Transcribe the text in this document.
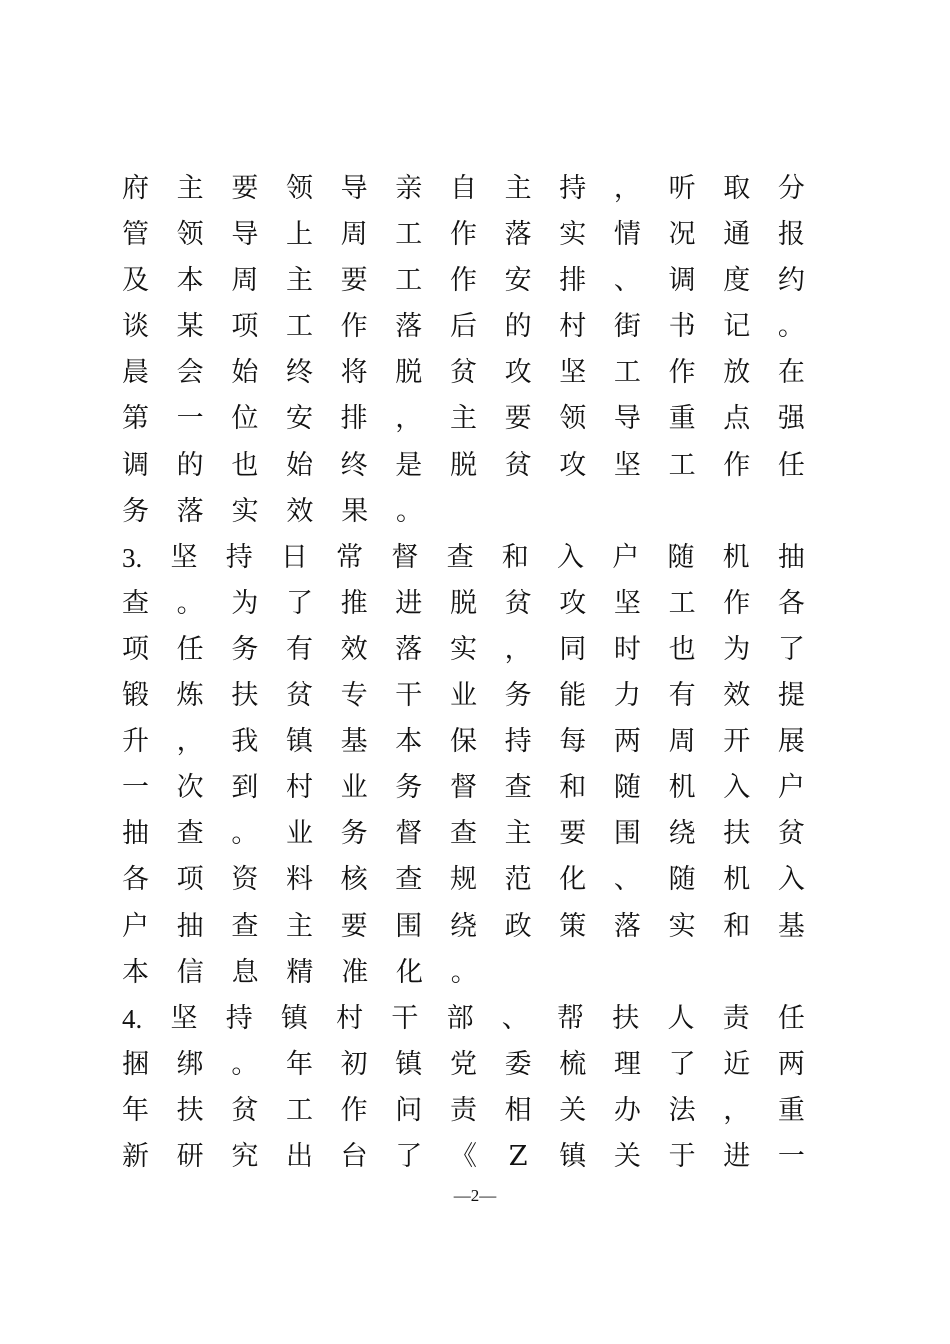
府 主 要 领 导 亲 自 主 持 ， 听 取 分
管 领 导 上 周 工 作 落 实 情 况 通 报
及 本 周 主 要 工 作 安 排 、 调 度 约
谈 某 项 工 作 落 后 的 村 街 书 记 。
晨 会 始 终 将 脱 贫 攻 坚 工 作 放 在
第 一 位 安 排 ， 主 要 领 导 重 点 强
调 的 也 始 终 是 脱 贫 攻 坚 工 作 任
务 落 实 效 果 。
3. 坚 持 日 常 督 查 和 入 户 随 机 抽
查 。 为 了 推 进 脱 贫 攻 坚 工 作 各
项 任 务 有 效 落 实 ， 同 时 也 为 了
锻 炼 扶 贫 专 干 业 务 能 力 有 效 提
升 ， 我 镇 基 本 保 持 每 两 周 开 展
一 次 到 村 业 务 督 查 和 随 机 入 户
抽 查 。 业 务 督 查 主 要 围 绕 扶 贫
各 项 资 料 核 查 规 范 化 、 随 机 入
户 抽 查 主 要 围 绕 政 策 落 实 和 基
本 信 息 精 准 化 。
4. 坚 持 镇 村 干 部 、 帮 扶 人 责 任
捆 绑 。 年 初 镇 党 委 梳 理 了 近 两
年 扶 贫 工 作 问 责 相 关 办 法 ， 重
新 研 究 出 台 了 《 Z 镇 关 于 进 一
—2—
